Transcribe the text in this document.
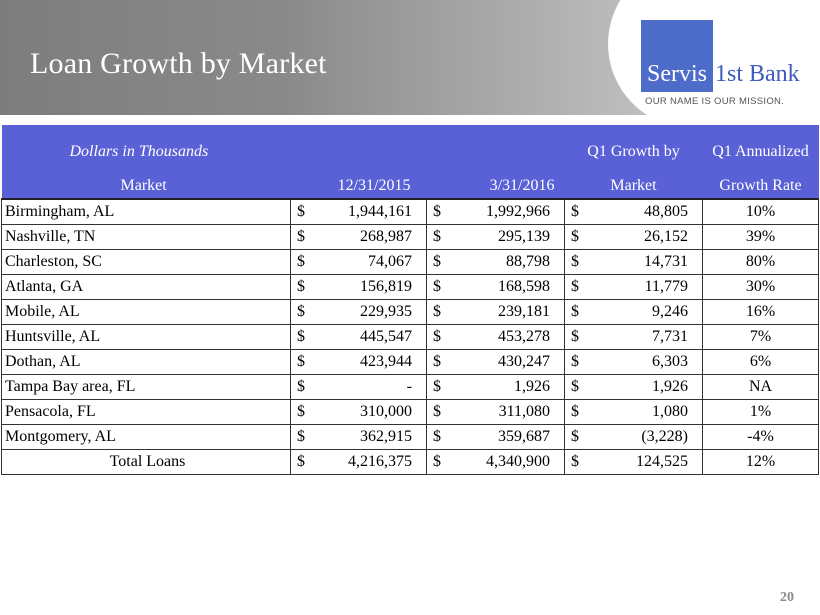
Loan Growth by Market	Servis 1st Bank
OUR NAME IS OUR MISSION.
Dollars in Thousands					Q1 Growth by		Q1 Annualized
Market	12/31/2015		3/31/2016		Market		Growth Rate
Birmingham, AL	$	1,944,161	$	1,992,966	$	48,805	10%
Nashville, TN	$	268,987	$	295,139	$	26,152	39%
Charleston, SC	$	74,067	$	88,798	$	14,731	80%
Atlanta, GA	$	156,819	$	168,598	$	11,779	30%
Mobile, AL	$	229,935	$	239,181	$	9,246	16%
Huntsville, AL	$	445,547	$	453,278	$	7,731	7%
Dothan, AL	$	423,944	$	430,247	$	6,303	6%
Tampa Bay area, FL	$	-	$	1,926	$	1,926	NA
Pensacola, FL	$	310,000	$	311,080	$	1,080	1%
Montgomery, AL	$	362,915	$	359,687	$	(3,228)	-4%
Total Loans	$	4,216,375	$	4,340,900	$	124,525	12%
20
